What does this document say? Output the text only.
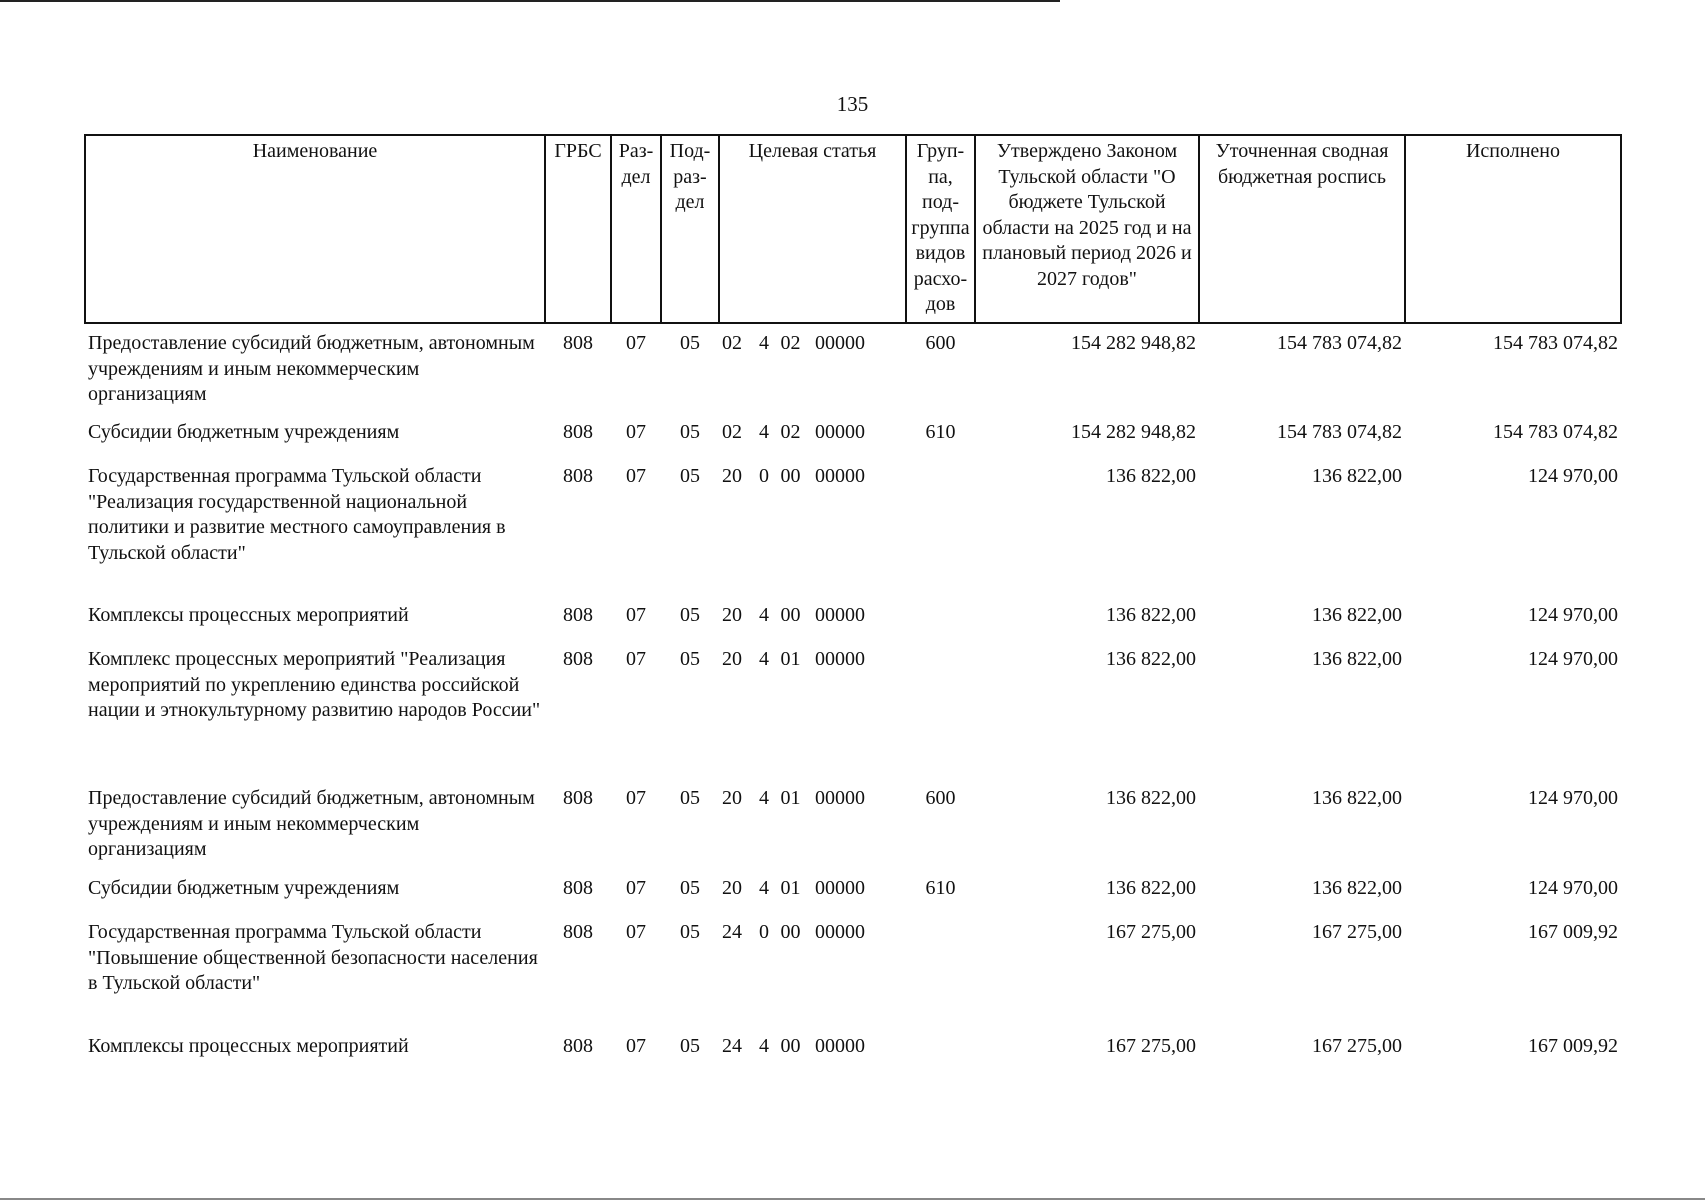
135
Наименование	ГРБС	Раз- дел	Под- раз- дел	Целевая статья	Груп- па, под- группа видов расхо- дов	Утверждено Законом Тульской области "О бюджете Тульской области на 2025 год и на плановый период 2026 и 2027 годов"	Уточненная сводная бюджетная роспись	Исполнено
Предоставление субсидий бюджетным, автономным учреждениям и иным некоммерческим организациям	808	07	05	02 4 02 00000	600	154 282 948,82	154 783 074,82	154 783 074,82
Субсидии бюджетным учреждениям	808	07	05	02 4 02 00000	610	154 282 948,82	154 783 074,82	154 783 074,82
Государственная программа Тульской области "Реализация государственной национальной политики и развитие местного самоуправления в Тульской области"	808	07	05	20 0 00 00000		136 822,00	136 822,00	124 970,00
Комплексы процессных мероприятий	808	07	05	20 4 00 00000		136 822,00	136 822,00	124 970,00
Комплекс процессных мероприятий "Реализация мероприятий по укреплению единства российской нации и этнокультурному развитию народов России"	808	07	05	20 4 01 00000		136 822,00	136 822,00	124 970,00
Предоставление субсидий бюджетным, автономным учреждениям и иным некоммерческим организациям	808	07	05	20 4 01 00000	600	136 822,00	136 822,00	124 970,00
Субсидии бюджетным учреждениям	808	07	05	20 4 01 00000	610	136 822,00	136 822,00	124 970,00
Государственная программа Тульской области "Повышение общественной безопасности населения в Тульской области"	808	07	05	24 0 00 00000		167 275,00	167 275,00	167 009,92
Комплексы процессных мероприятий	808	07	05	24 4 00 00000		167 275,00	167 275,00	167 009,92
